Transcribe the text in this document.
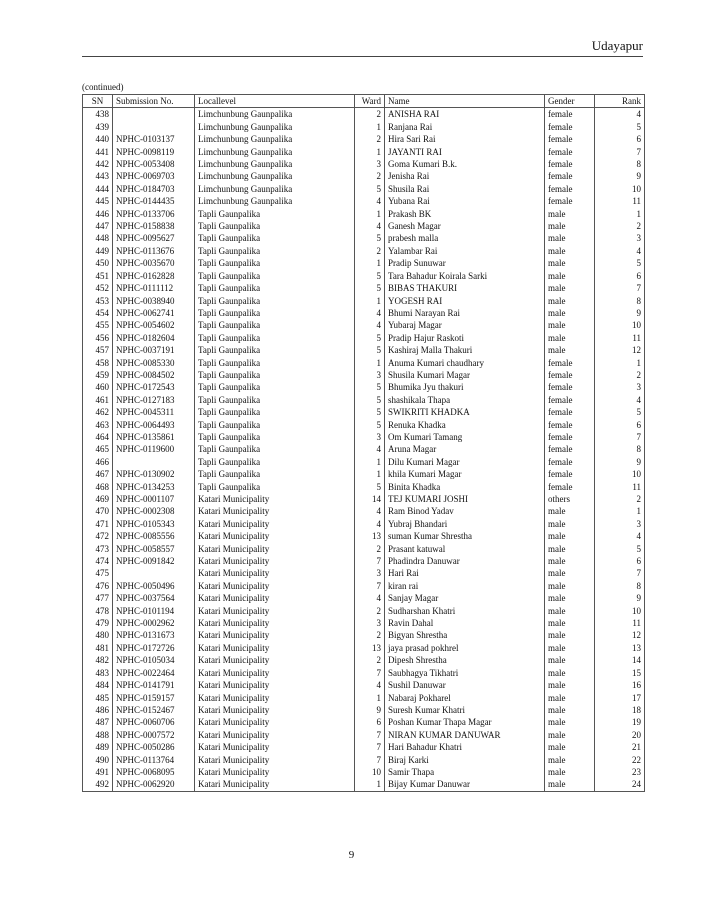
Udayapur
(continued)
SN	Submission No.	Locallevel	Ward	Name	Gender	Rank
438		Limchunbung Gaunpalika	2	ANISHA RAI	female	4
439		Limchunbung Gaunpalika	1	Ranjana Rai	female	5
440	NPHC-0103137	Limchunbung Gaunpalika	2	Hira Sari Rai	female	6
441	NPHC-0098119	Limchunbung Gaunpalika	1	JAYANTI RAI	female	7
442	NPHC-0053408	Limchunbung Gaunpalika	3	Goma Kumari B.k.	female	8
443	NPHC-0069703	Limchunbung Gaunpalika	2	Jenisha Rai	female	9
444	NPHC-0184703	Limchunbung Gaunpalika	5	Shusila Rai	female	10
445	NPHC-0144435	Limchunbung Gaunpalika	4	Yubana Rai	female	11
446	NPHC-0133706	Tapli Gaunpalika	1	Prakash BK	male	1
447	NPHC-0158838	Tapli Gaunpalika	4	Ganesh Magar	male	2
448	NPHC-0095627	Tapli Gaunpalika	5	prabesh malla	male	3
449	NPHC-0113676	Tapli Gaunpalika	2	Yalambar Rai	male	4
450	NPHC-0035670	Tapli Gaunpalika	1	Pradip Sunuwar	male	5
451	NPHC-0162828	Tapli Gaunpalika	5	Tara Bahadur Koirala Sarki	male	6
452	NPHC-0111112	Tapli Gaunpalika	5	BIBAS THAKURI	male	7
453	NPHC-0038940	Tapli Gaunpalika	1	YOGESH RAI	male	8
454	NPHC-0062741	Tapli Gaunpalika	4	Bhumi Narayan Rai	male	9
455	NPHC-0054602	Tapli Gaunpalika	4	Yubaraj Magar	male	10
456	NPHC-0182604	Tapli Gaunpalika	5	Pradip Hajur Raskoti	male	11
457	NPHC-0037191	Tapli Gaunpalika	5	Kashiraj Malla Thakuri	male	12
458	NPHC-0085330	Tapli Gaunpalika	1	Anuma Kumari chaudhary	female	1
459	NPHC-0084502	Tapli Gaunpalika	3	Shusila Kumari Magar	female	2
460	NPHC-0172543	Tapli Gaunpalika	5	Bhumika Jyu thakuri	female	3
461	NPHC-0127183	Tapli Gaunpalika	5	shashikala Thapa	female	4
462	NPHC-0045311	Tapli Gaunpalika	5	SWIKRITI KHADKA	female	5
463	NPHC-0064493	Tapli Gaunpalika	5	Renuka Khadka	female	6
464	NPHC-0135861	Tapli Gaunpalika	3	Om Kumari Tamang	female	7
465	NPHC-0119600	Tapli Gaunpalika	4	Aruna Magar	female	8
466		Tapli Gaunpalika	1	Dilu Kumari Magar	female	9
467	NPHC-0130902	Tapli Gaunpalika	1	khila Kumari Magar	female	10
468	NPHC-0134253	Tapli Gaunpalika	5	Binita Khadka	female	11
469	NPHC-0001107	Katari Municipality	14	TEJ KUMARI JOSHI	others	2
470	NPHC-0002308	Katari Municipality	4	Ram Binod Yadav	male	1
471	NPHC-0105343	Katari Municipality	4	Yubraj Bhandari	male	3
472	NPHC-0085556	Katari Municipality	13	suman Kumar Shrestha	male	4
473	NPHC-0058557	Katari Municipality	2	Prasant katuwal	male	5
474	NPHC-0091842	Katari Municipality	7	Phadindra Danuwar	male	6
475		Katari Municipality	3	Hari Rai	male	7
476	NPHC-0050496	Katari Municipality	7	kiran rai	male	8
477	NPHC-0037564	Katari Municipality	4	Sanjay Magar	male	9
478	NPHC-0101194	Katari Municipality	2	Sudharshan Khatri	male	10
479	NPHC-0002962	Katari Municipality	3	Ravin Dahal	male	11
480	NPHC-0131673	Katari Municipality	2	Bigyan Shrestha	male	12
481	NPHC-0172726	Katari Municipality	13	jaya prasad pokhrel	male	13
482	NPHC-0105034	Katari Municipality	2	Dipesh Shrestha	male	14
483	NPHC-0022464	Katari Municipality	7	Saubhagya Tikhatri	male	15
484	NPHC-0141791	Katari Municipality	4	Sushil Danuwar	male	16
485	NPHC-0159157	Katari Municipality	1	Nabaraj Pokharel	male	17
486	NPHC-0152467	Katari Municipality	9	Suresh Kumar Khatri	male	18
487	NPHC-0060706	Katari Municipality	6	Poshan Kumar Thapa Magar	male	19
488	NPHC-0007572	Katari Municipality	7	NIRAN KUMAR DANUWAR	male	20
489	NPHC-0050286	Katari Municipality	7	Hari Bahadur Khatri	male	21
490	NPHC-0113764	Katari Municipality	7	Biraj Karki	male	22
491	NPHC-0068095	Katari Municipality	10	Samir Thapa	male	23
492	NPHC-0062920	Katari Municipality	1	Bijay Kumar Danuwar	male	24
9
